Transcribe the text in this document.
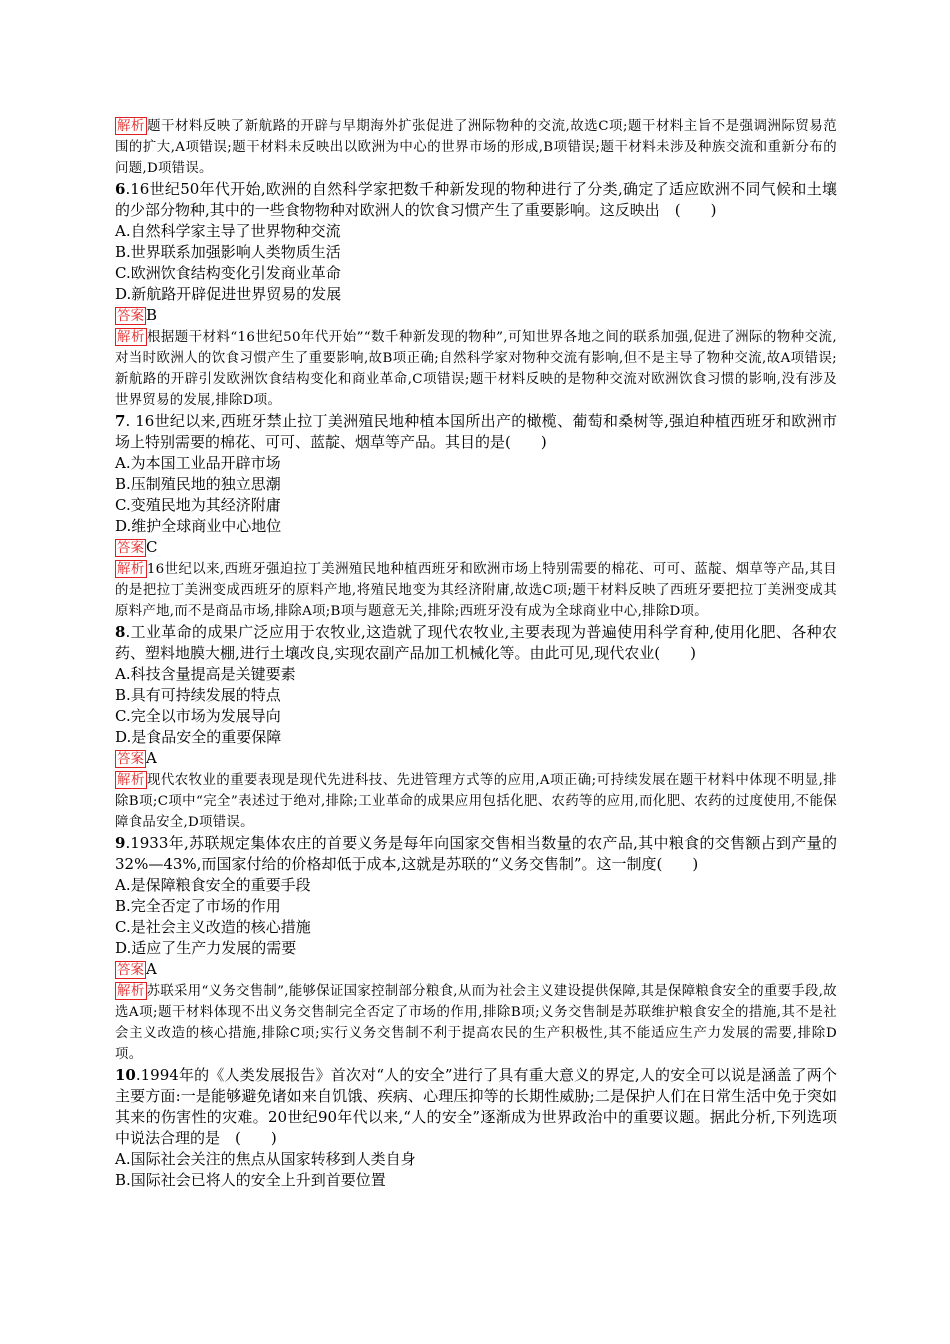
解析 题干材料反映了新航路的开辟与早期海外扩张促进了洲际物种的交流,故选C项;题干材料主旨不是强调洲际贸易范围的扩大,A项错误;题干材料未反映出以欧洲为中心的世界市场的形成,B项错误;题干材料未涉及种族交流和重新分布的问题,D项错误。

6.16世纪50年代开始,欧洲的自然科学家把数千种新发现的物种进行了分类,确定了适应欧洲不同气候和土壤的少部分物种,其中的一些食物物种对欧洲人的饮食习惯产生了重要影响。这反映出　(　　)

A.自然科学家主导了世界物种交流

B.世界联系加强影响人类物质生活

C.欧洲饮食结构变化引发商业革命

D.新航路开辟促进世界贸易的发展

答案 B

解析 根据题干材料“16世纪50年代开始”“数千种新发现的物种”,可知世界各地之间的联系加强,促进了洲际的物种交流,对当时欧洲人的饮食习惯产生了重要影响,故B项正确;自然科学家对物种交流有影响,但不是主导了物种交流,故A项错误;新航路的开辟引发欧洲饮食结构变化和商业革命,C项错误;题干材料反映的是物种交流对欧洲饮食习惯的影响,没有涉及世界贸易的发展,排除D项。

7. 16世纪以来,西班牙禁止拉丁美洲殖民地种植本国所出产的橄榄、葡萄和桑树等,强迫种植西班牙和欧洲市场上特别需要的棉花、可可、蓝靛、烟草等产品。其目的是(　　)

A.为本国工业品开辟市场

B.压制殖民地的独立思潮

C.变殖民地为其经济附庸

D.维护全球商业中心地位

答案 C

解析 16世纪以来,西班牙强迫拉丁美洲殖民地种植西班牙和欧洲市场上特别需要的棉花、可可、蓝靛、烟草等产品,其目的是把拉丁美洲变成西班牙的原料产地,将殖民地变为其经济附庸,故选C项;题干材料反映了西班牙要把拉丁美洲变成其原料产地,而不是商品市场,排除A项;B项与题意无关,排除;西班牙没有成为全球商业中心,排除D项。

8.工业革命的成果广泛应用于农牧业,这造就了现代农牧业,主要表现为普遍使用科学育种,使用化肥、各种农药、塑料地膜大棚,进行土壤改良,实现农副产品加工机械化等。由此可见,现代农业(　　)

A.科技含量提高是关键要素

B.具有可持续发展的特点

C.完全以市场为发展导向

D.是食品安全的重要保障

答案 A

解析 现代农牧业的重要表现是现代先进科技、先进管理方式等的应用,A项正确;可持续发展在题干材料中体现不明显,排除B项;C项中“完全”表述过于绝对,排除;工业革命的成果应用包括化肥、农药等的应用,而化肥、农药的过度使用,不能保障食品安全,D项错误。

9.1933年,苏联规定集体农庄的首要义务是每年向国家交售相当数量的农产品,其中粮食的交售额占到产量的32%—43%,而国家付给的价格却低于成本,这就是苏联的“义务交售制”。这一制度(　　)

A.是保障粮食安全的重要手段

B.完全否定了市场的作用

C.是社会主义改造的核心措施

D.适应了生产力发展的需要

答案 A

解析 苏联采用“义务交售制”,能够保证国家控制部分粮食,从而为社会主义建设提供保障,其是保障粮食安全的重要手段,故选A项;题干材料体现不出义务交售制完全否定了市场的作用,排除B项;义务交售制是苏联维护粮食安全的措施,其不是社会主义改造的核心措施,排除C项;实行义务交售制不利于提高农民的生产积极性,其不能适应生产力发展的需要,排除D项。

10.1994年的《人类发展报告》首次对“人的安全”进行了具有重大意义的界定,人的安全可以说是涵盖了两个主要方面:一是能够避免诸如来自饥饿、疾病、心理压抑等的长期性威胁;二是保护人们在日常生活中免于突如其来的伤害性的灾难。20世纪90年代以来,“人的安全”逐渐成为世界政治中的重要议题。据此分析,下列选项中说法合理的是　(　　)

A.国际社会关注的焦点从国家转移到人类自身

B.国际社会已将人的安全上升到首要位置
